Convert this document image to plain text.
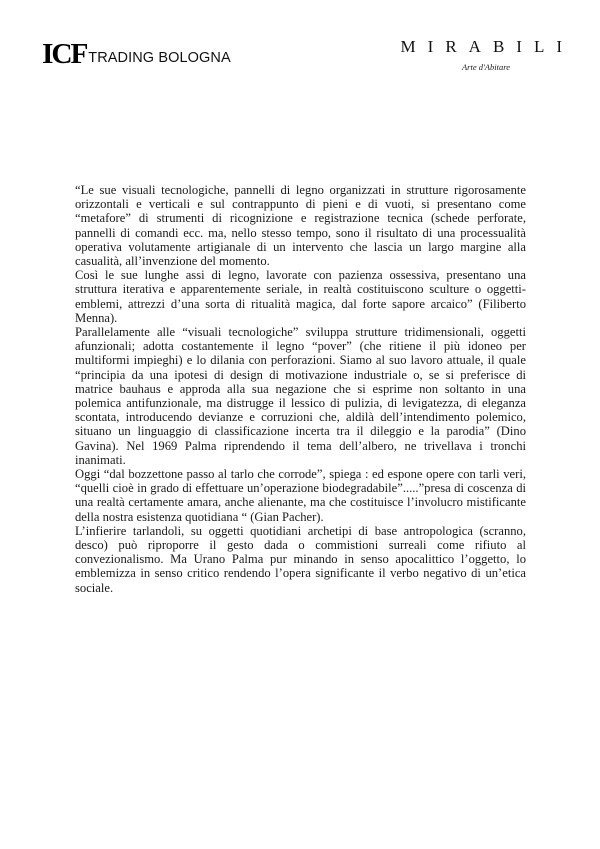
ICF TRADING BOLOGNA
MIRABILI
Arte d'Abitare

“Le sue visuali tecnologiche, pannelli di legno organizzati in strutture rigorosamente orizzontali e verticali e sul contrappunto di pieni e di vuoti, si presentano come “metafore” di strumenti di ricognizione e registrazione tecnica (schede perforate, pannelli di comandi ecc. ma, nello stesso tempo, sono il risultato di una processualità operativa volutamente artigianale di un intervento che lascia un largo margine alla casualità, all’invenzione del momento.

Così le sue lunghe assi di legno, lavorate con pazienza ossessiva, presentano una struttura iterativa e apparentemente seriale, in realtà costituiscono sculture o oggetti-emblemi, attrezzi d’una sorta di ritualità magica, dal forte sapore arcaico” (Filiberto Menna).

Parallelamente alle “visuali tecnologiche” sviluppa strutture tridimensionali, oggetti afunzionali; adotta costantemente il legno “pover” (che ritiene il più idoneo per multiformi impieghi) e lo dilania con perforazioni. Siamo al suo lavoro attuale, il quale “principia da una ipotesi di design di motivazione industriale o, se si preferisce di matrice bauhaus e approda alla sua negazione che si esprime non soltanto in una polemica antifunzionale, ma distrugge il lessico di pulizia, di levigatezza, di eleganza scontata, introducendo devianze e corruzioni che, aldilà dell’intendimento polemico, situano un linguaggio di classificazione incerta tra il dileggio e la parodia” (Dino Gavina). Nel 1969 Palma riprendendo il tema dell’albero, ne trivellava i tronchi inanimati.

Oggi “dal bozzettone passo al tarlo che corrode”, spiega : ed espone opere con tarli veri, “quelli cioè in grado di effettuare un’operazione biodegradabile”.....”presa di coscenza di una realtà certamente amara, anche alienante, ma che costituisce l’involucro mistificante della nostra esistenza quotidiana “ (Gian Pacher).

L’infierire tarlandoli, su oggetti quotidiani archetipi di base antropologica (scranno, desco) può riproporre il gesto dada o commistioni surreali come rifiuto al convezionalismo. Ma Urano Palma pur minando in senso apocalittico l’oggetto, lo emblemizza in senso critico rendendo l’opera significante il verbo negativo di un’etica sociale.
